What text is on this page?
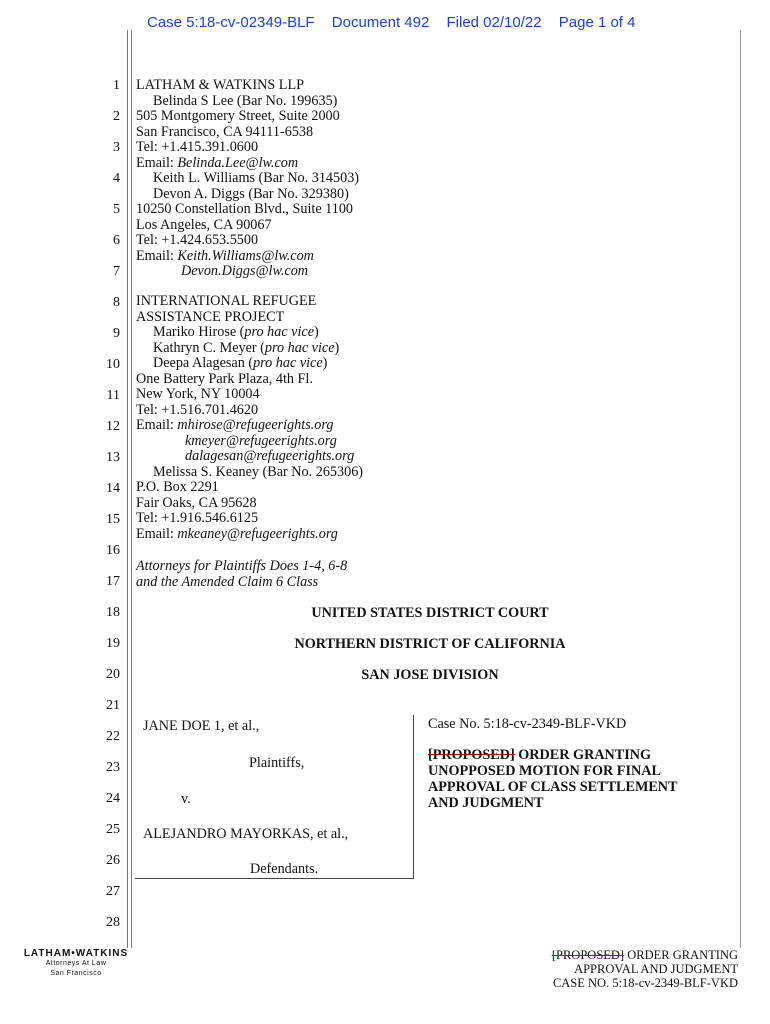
Case 5:18-cv-02349-BLF Document 492 Filed 02/10/22 Page 1 of 4
1
2
3
4
5
6
7
8
9
10
11
12
13
14
15
16
17
18
19
20
21
22
23
24
25
26
27
28
LATHAM & WATKINS LLP
Belinda S Lee (Bar No. 199635)
505 Montgomery Street, Suite 2000
San Francisco, CA 94111-6538
Tel: +1.415.391.0600
Email: Belinda.Lee@lw.com
Keith L. Williams (Bar No. 314503)
Devon A. Diggs (Bar No. 329380)
10250 Constellation Blvd., Suite 1100
Los Angeles, CA 90067
Tel: +1.424.653.5500
Email: Keith.Williams@lw.com
Devon.Diggs@lw.com
INTERNATIONAL REFUGEE
ASSISTANCE PROJECT
Mariko Hirose (pro hac vice)
Kathryn C. Meyer (pro hac vice)
Deepa Alagesan (pro hac vice)
One Battery Park Plaza, 4th Fl.
New York, NY 10004
Tel: +1.516.701.4620
Email: mhirose@refugeerights.org
kmeyer@refugeerights.org
dalagesan@refugeerights.org
Melissa S. Keaney (Bar No. 265306)
P.O. Box 2291
Fair Oaks, CA 95628
Tel: +1.916.546.6125
Email: mkeaney@refugeerights.org
Attorneys for Plaintiffs Does 1-4, 6-8
and the Amended Claim 6 Class
UNITED STATES DISTRICT COURT
NORTHERN DISTRICT OF CALIFORNIA
SAN JOSE DIVISION
JANE DOE 1, et al.,
Plaintiffs,
v.
ALEJANDRO MAYORKAS, et al.,
Defendants.
Case No. 5:18-cv-2349-BLF-VKD
[PROPOSED] ORDER GRANTING
UNOPPOSED MOTION FOR FINAL
APPROVAL OF CLASS SETTLEMENT
AND JUDGMENT
LATHAM•WATKINS
Attorneys At Law
San Francisco
[PROPOSED] ORDER GRANTING
APPROVAL AND JUDGMENT
CASE NO. 5:18-cv-2349-BLF-VKD
